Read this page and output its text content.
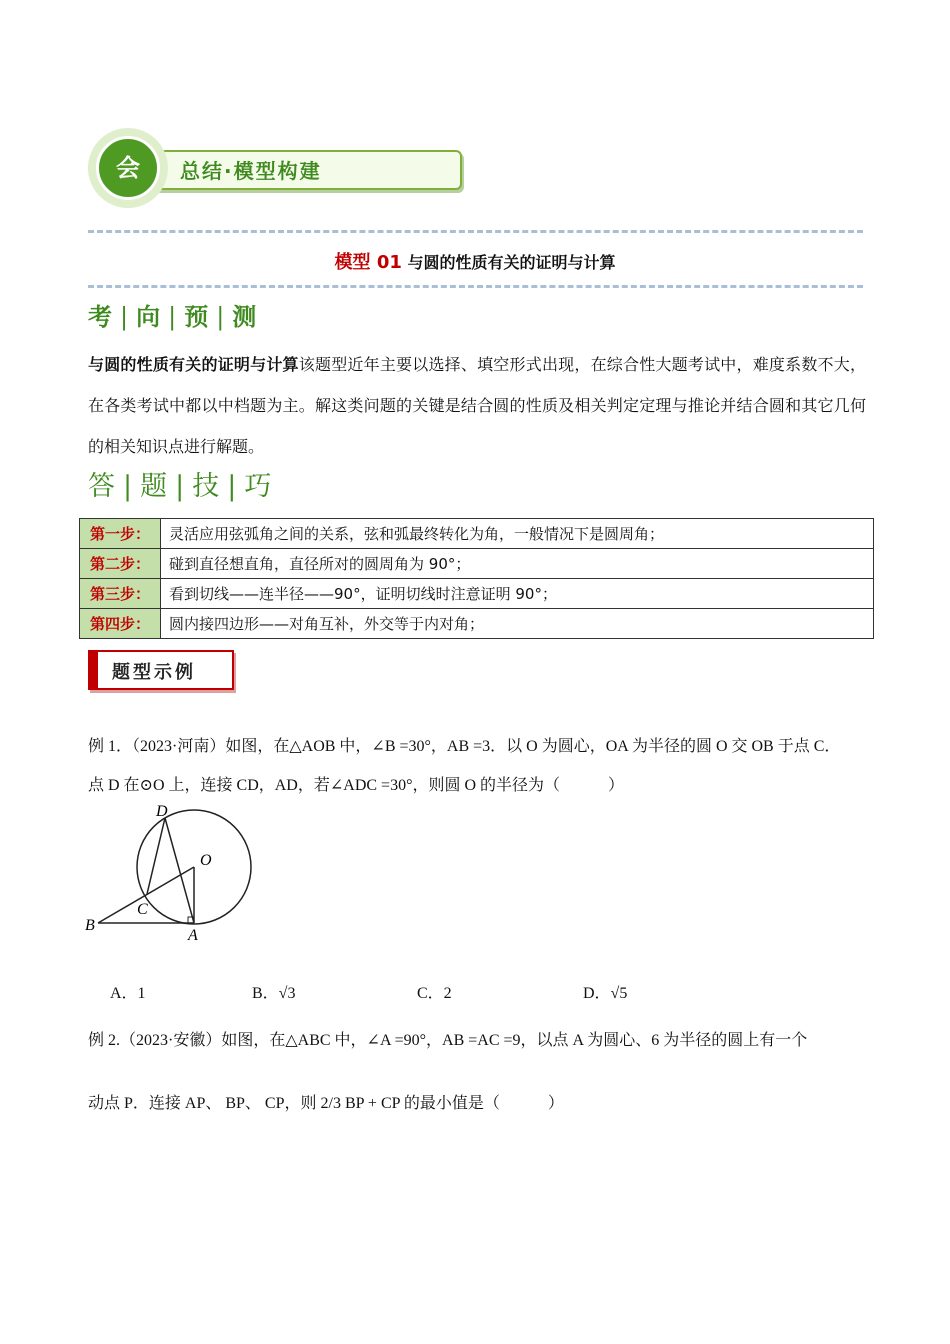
总结·模型构建
会
模型 01 与圆的性质有关的证明与计算
考 | 向 | 预 | 测
与圆的性质有关的证明与计算该题型近年主要以选择、填空形式出现，在综合性大题考试中，难度系数不大，在各类考试中都以中档题为主。解这类问题的关键是结合圆的性质及相关判定定理与推论并结合圆和其它几何的相关知识点进行解题。
答 | 题 | 技 | 巧
第一步：	灵活应用弦弧角之间的关系，弦和弧最终转化为角，一般情况下是圆周角；
第二步：	碰到直径想直角，直径所对的圆周角为 90°；
第三步：	看到切线——连半径——90°，证明切线时注意证明 90°；
第四步：	圆内接四边形——对角互补，外交等于内对角；
题型示例
例 1．（2023·河南）如图，在△AOB 中，∠B =30°，AB =3．以 O 为圆心，OA 为半径的圆 O 交 OB 于点 C．
点 D 在⊙O 上，连接 CD，AD，若∠ADC =30°，则圆 O 的半径为（　　　）
D
O
C
B
A
A．1	B．√3	C．2	D．√5
例 2.（2023·安徽）如图，在△ABC 中，∠A =90°，AB =AC =9，以点 A 为圆心、6 为半径的圆上有一个
动点 P．连接 AP、 BP、 CP，则 2/3 BP + CP 的最小值是（　　　）
